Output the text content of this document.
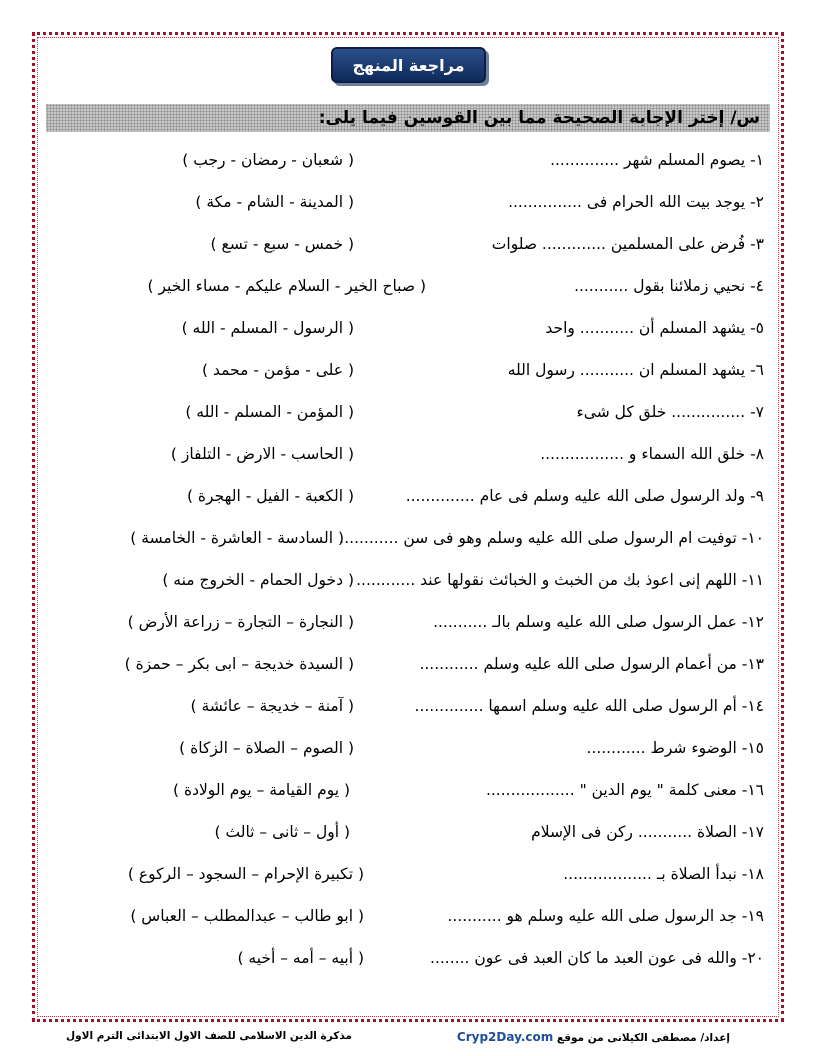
مراجعة المنهج
س/ إختر الإجابة الصحيحة مما بين القوسين فيما يلى:
١- يصوم المسلم شهر ..............
( شعبان - رمضان - رجب )
٢- يوجد بيت الله الحرام فى ...............
( المدينة - الشام - مكة )
٣- فُرض على المسلمين ............. صلوات
( خمس - سبع - تسع )
٤- نحيي زملائنا بقول ...........
( صباح الخير - السلام عليكم - مساء الخير )
٥- يشهد المسلم أن ........... واحد
( الرسول - المسلم - الله )
٦- يشهد المسلم ان ........... رسول الله
( على - مؤمن - محمد )
٧- ............... خلق كل شىء
( المؤمن - المسلم - الله )
٨- خلق الله السماء و .................
( الحاسب - الارض - التلفاز )
٩- ولد الرسول صلى الله عليه وسلم فى عام ..............
( الكعبة - الفيل - الهجرة )
١٠- توفيت ام الرسول صلى الله عليه وسلم وهو فى سن ............
( السادسة - العاشرة - الخامسة )
١١- اللهم إنى اعوذ بك من الخبث و الخبائث نقولها عند ............
( دخول الحمام - الخروج منه )
١٢- عمل الرسول صلى الله عليه وسلم بالـ ...........
( النجارة – التجارة – زراعة الأرض )
١٣- من أعمام الرسول صلى الله عليه وسلم ............
( السيدة خديجة – ابى بكر – حمزة )
١٤- أم الرسول صلى الله عليه وسلم اسمها ..............
( آمنة – خديجة – عائشة )
١٥- الوضوء شرط ............
( الصوم – الصلاة – الزكاة )
١٦- معنى كلمة " يوم الدين " ..................
( يوم القيامة – يوم الولادة )
١٧- الصلاة ........... ركن فى الإسلام
( أول – ثانى – ثالث )
١٨- نبدأ الصلاة بـ ..................
( تكبيرة الإحرام – السجود – الركوع )
١٩- جد الرسول صلى الله عليه وسلم هو ...........
( ابو طالب – عبدالمطلب – العباس )
٢٠- والله فى عون العبد ما كان العبد فى عون ........
( أبيه – أمه – أخيه )
مذكرة الدين الاسلامى للصف الاول الابتدائى الترم الاول	إعداد/ مصطفى الكيلانى من موقع Cryp2Day.com
